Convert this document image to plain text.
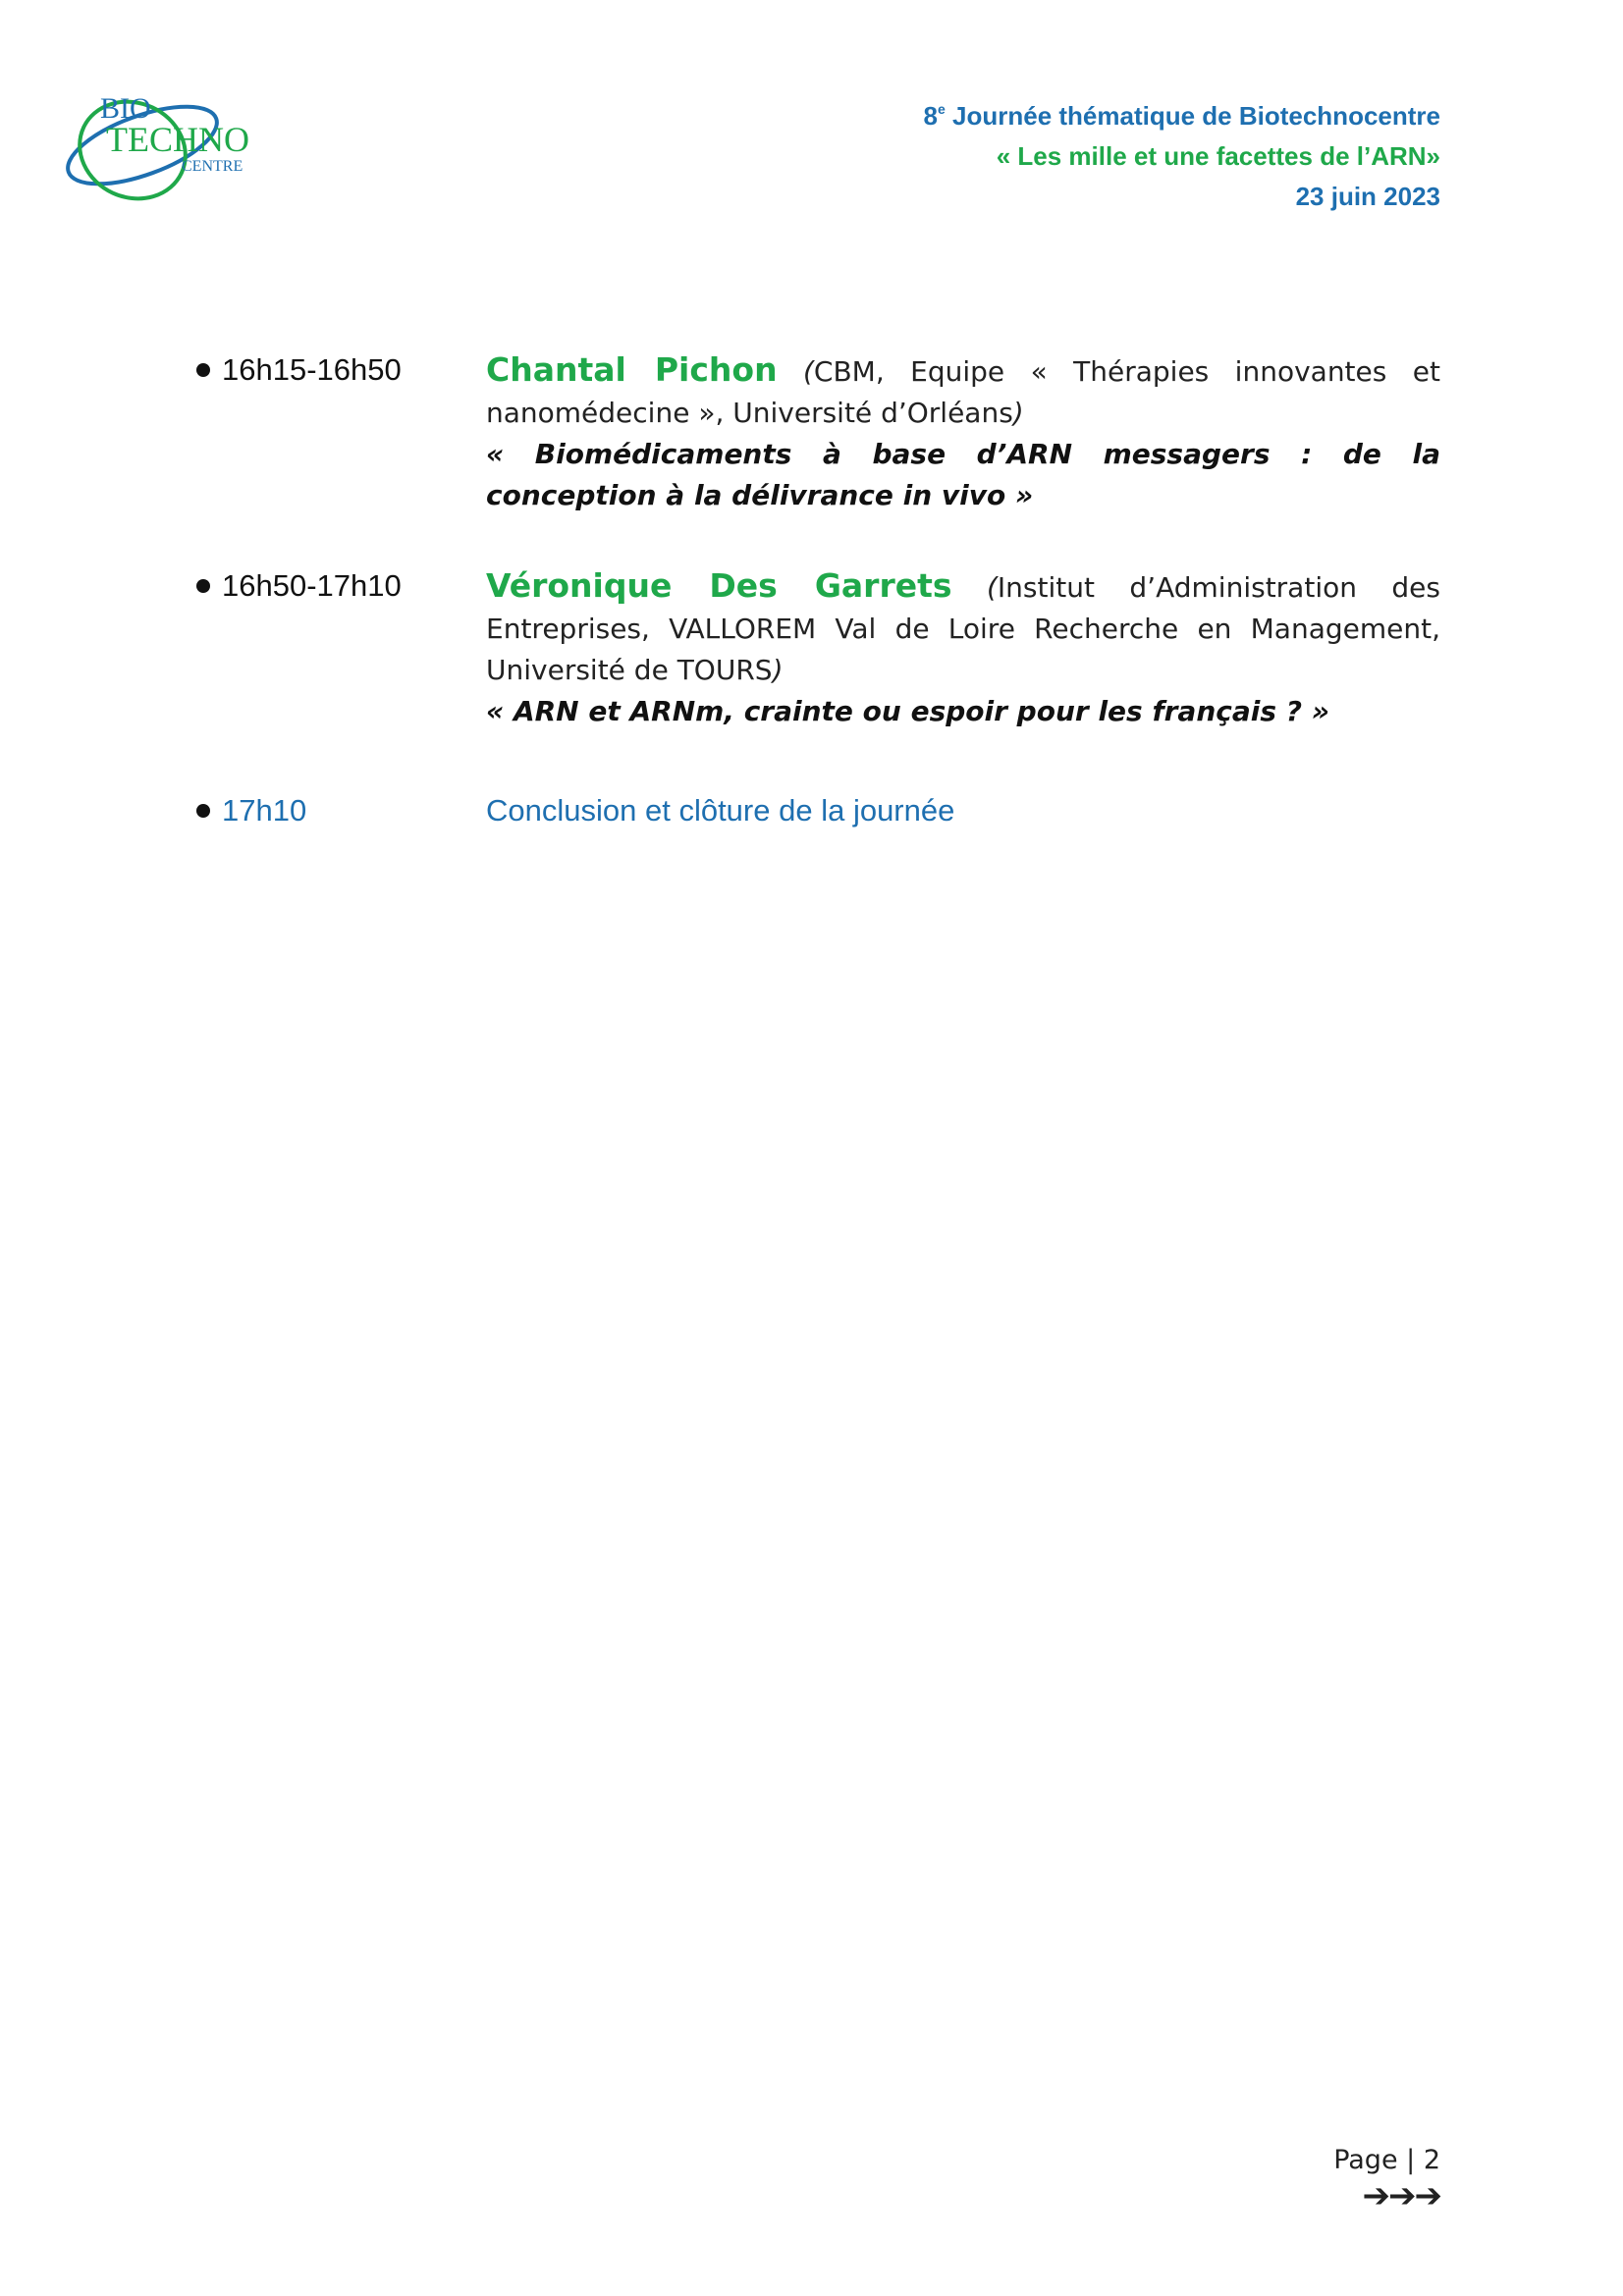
BIO
TECHNO
CENTRE
8e Journée thématique de Biotechnocentre
« Les mille et une facettes de l’ARN»
23 juin 2023
16h15-16h50	Chantal Pichon (CBM, Equipe « Thérapies innovantes et nanomédecine », Université d’Orléans)
« Biomédicaments à base d’ARN messagers : de la conception à la délivrance in vivo »
16h50-17h10	Véronique Des Garrets (Institut d’Administration des Entreprises, VALLOREM Val de Loire Recherche en Management, Université de TOURS)
« ARN et ARNm, crainte ou espoir pour les français ? »
17h10	Conclusion et clôture de la journée
Page | 2
➔➔➔
